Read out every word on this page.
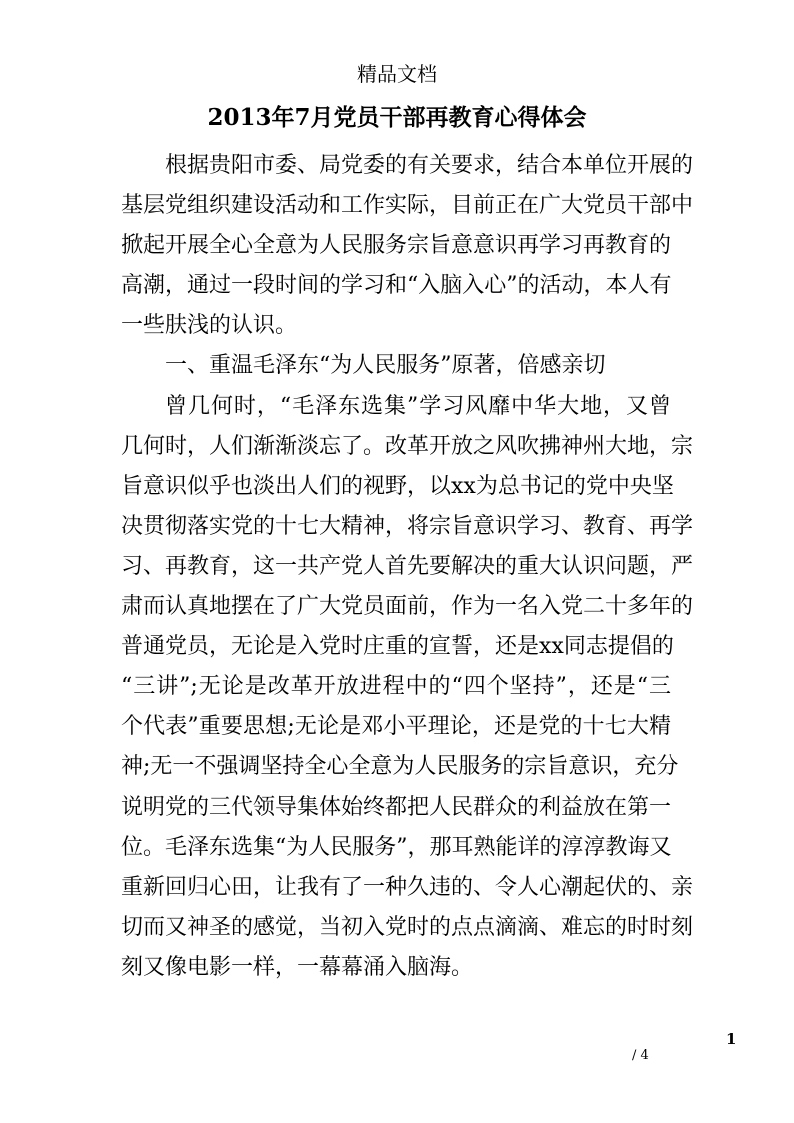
精品文档
2013年7月党员干部再教育心得体会
根据贵阳市委、局党委的有关要求，结合本单位开展的
基层党组织建设活动和工作实际，目前正在广大党员干部中
掀起开展全心全意为人民服务宗旨意意识再学习再教育的
高潮，通过一段时间的学习和“入脑入心”的活动，本人有
一些肤浅的认识。
一、重温毛泽东“为人民服务”原著，倍感亲切
曾几何时，“毛泽东选集”学习风靡中华大地，又曾
几何时，人们渐渐淡忘了。改革开放之风吹拂神州大地，宗
旨意识似乎也淡出人们的视野，以xx为总书记的党中央坚
决贯彻落实党的十七大精神，将宗旨意识学习、教育、再学
习、再教育，这一共产党人首先要解决的重大认识问题，严
肃而认真地摆在了广大党员面前，作为一名入党二十多年的
普通党员，无论是入党时庄重的宣誓，还是xx同志提倡的
“三讲”;无论是改革开放进程中的“四个坚持”，还是“三
个代表”重要思想;无论是邓小平理论，还是党的十七大精
神;无一不强调坚持全心全意为人民服务的宗旨意识，充分
说明党的三代领导集体始终都把人民群众的利益放在第一
位。毛泽东选集“为人民服务”，那耳熟能详的淳淳教诲又
重新回归心田，让我有了一种久违的、令人心潮起伏的、亲
切而又神圣的感觉，当初入党时的点点滴滴、难忘的时时刻
刻又像电影一样，一幕幕涌入脑海。
1
/ 4
